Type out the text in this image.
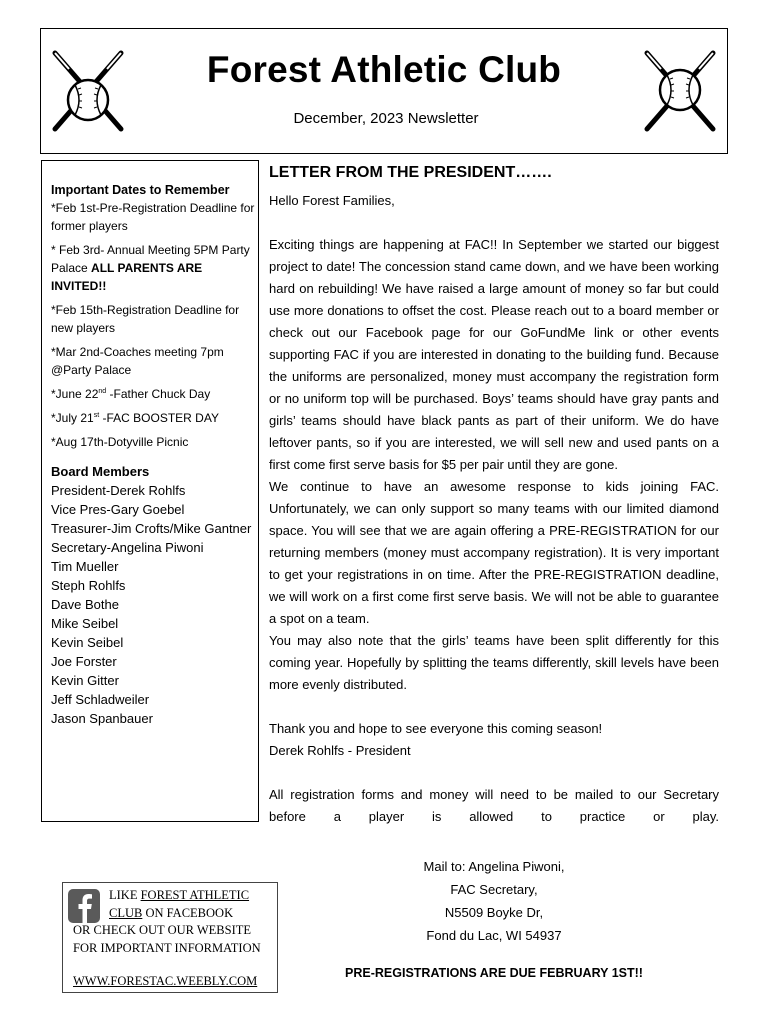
Forest Athletic Club
December, 2023 Newsletter
Important Dates to Remember
*Feb 1st-Pre-Registration Deadline for former players
* Feb 3rd- Annual Meeting 5PM Party Palace ALL PARENTS ARE INVITED!!
*Feb 15th-Registration Deadline for new players
*Mar 2nd-Coaches meeting 7pm @Party Palace
*June 22nd -Father Chuck Day
*July 21st -FAC BOOSTER DAY
*Aug 17th-Dotyville Picnic
Board Members
President-Derek Rohlfs
Vice Pres-Gary Goebel
Treasurer-Jim Crofts/Mike Gantner
Secretary-Angelina Piwoni
Tim Mueller
Steph Rohlfs
Dave Bothe
Mike Seibel
Kevin Seibel
Joe Forster
Kevin Gitter
Jeff Schladweiler
Jason Spanbauer
LETTER FROM THE PRESIDENT…….
Hello Forest Families,
Exciting things are happening at FAC!! In September we started our biggest project to date! The concession stand came down, and we have been working hard on rebuilding! We have raised a large amount of money so far but could use more donations to offset the cost. Please reach out to a board member or check out our Facebook page for our GoFundMe link or other events supporting FAC if you are interested in donating to the building fund. Because the uniforms are personalized, money must accompany the registration form or no uniform top will be purchased. Boys’ teams should have gray pants and girls’ teams should have black pants as part of their uniform. We do have leftover pants, so if you are interested, we will sell new and used pants on a first come first serve basis for $5 per pair until they are gone.
We continue to have an awesome response to kids joining FAC. Unfortunately, we can only support so many teams with our limited diamond space. You will see that we are again offering a PRE-REGISTRATION for our returning members (money must accompany registration). It is very important to get your registrations in on time. After the PRE-REGISTRATION deadline, we will work on a first come first serve basis. We will not be able to guarantee a spot on a team.
You may also note that the girls’ teams have been split differently for this coming year. Hopefully by splitting the teams differently, skill levels have been more evenly distributed.
Thank you and hope to see everyone this coming season!
Derek Rohlfs - President
All registration forms and money will need to be mailed to our Secretary before a player is allowed to practice or play.
Mail to: Angelina Piwoni,
FAC Secretary,
N5509 Boyke Dr,
Fond du Lac, WI 54937
PRE-REGISTRATIONS ARE DUE FEBRUARY 1ST!!
LIKE FOREST ATHLETIC
CLUB ON FACEBOOK
OR CHECK OUT OUR WEBSITE
FOR IMPORTANT INFORMATION
WWW.FORESTAC.WEEBLY.COM
